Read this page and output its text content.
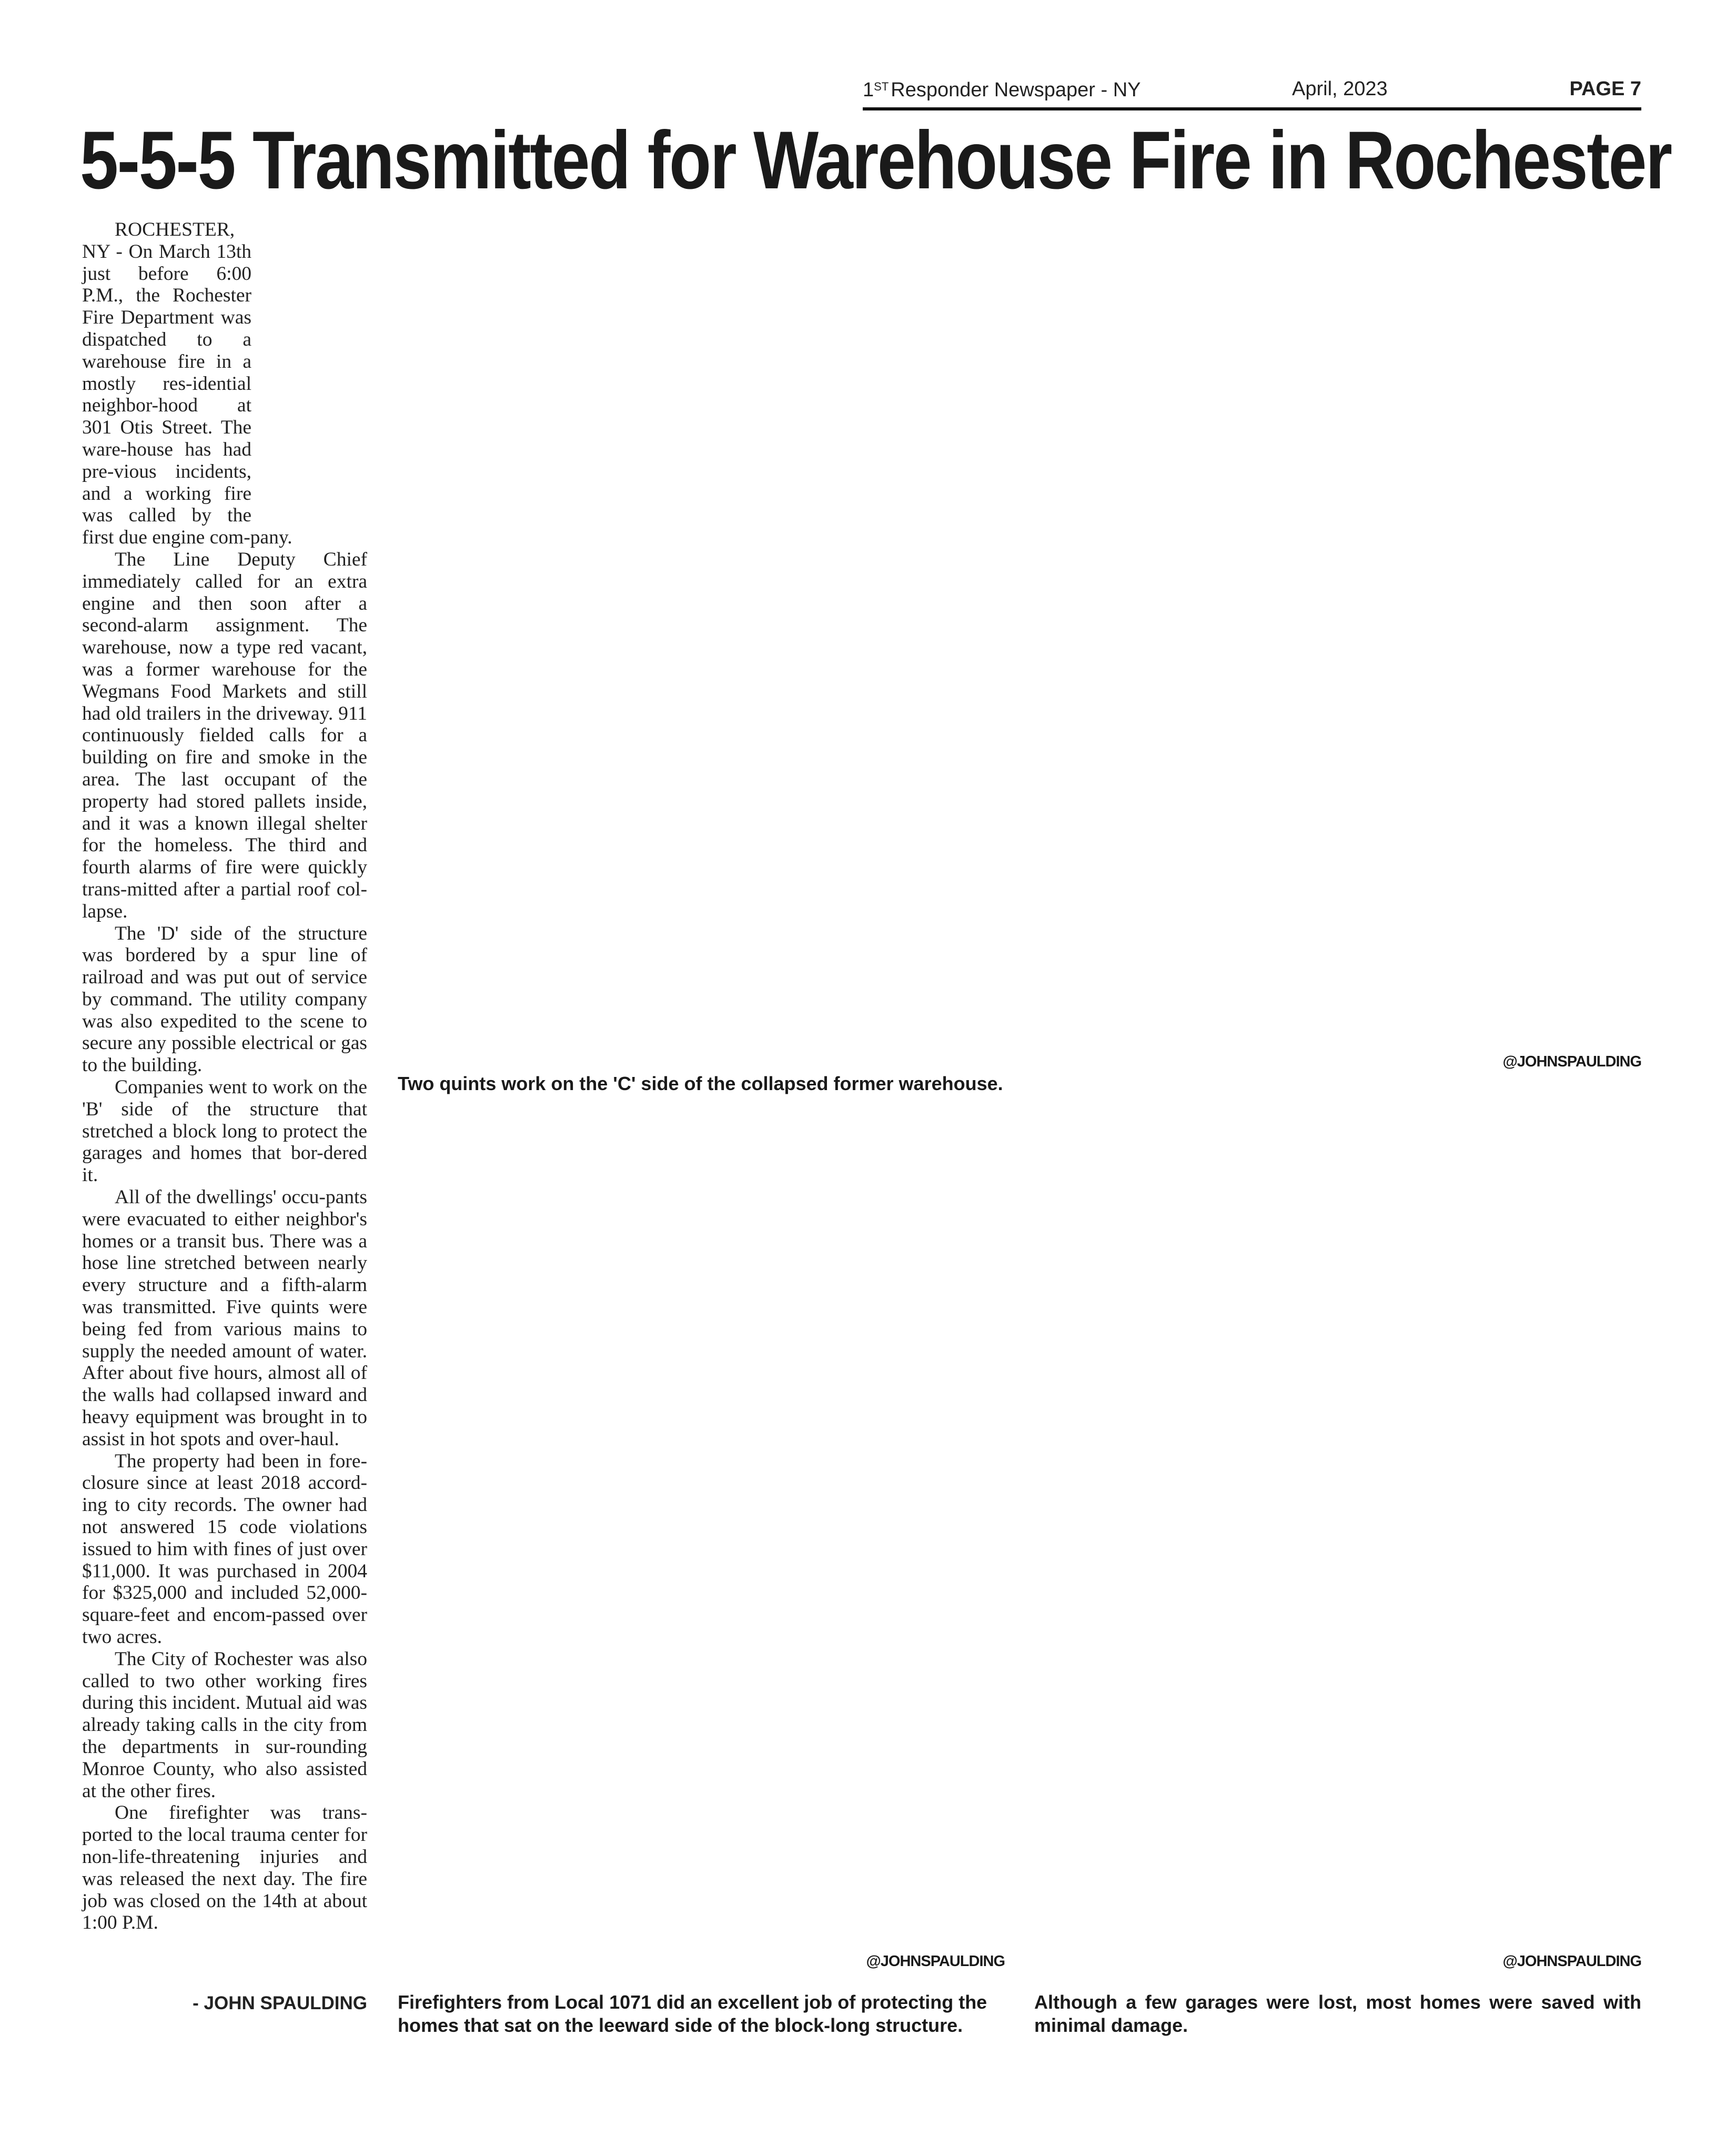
1ST Responder Newspaper - NY	April, 2023	PAGE 7
5-5-5 Transmitted for Warehouse Fire in Rochester

ROCHESTER, NY - On March 13th just before 6:00 P.M., the Rochester Fire Department was dispatched to a warehouse fire in a mostly res-idential neighbor-hood at 301 Otis Street. The ware-house has had pre-vious incidents, and a working fire was called by the first due engine com-pany.

The Line Deputy Chief immediately called for an extra engine and then soon after a second-alarm assignment. The warehouse, now a type red vacant, was a former warehouse for the Wegmans Food Markets and still had old trailers in the driveway. 911 continuously fielded calls for a building on fire and smoke in the area. The last occupant of the property had stored pallets inside, and it was a known illegal shelter for the homeless. The third and fourth alarms of fire were quickly trans-mitted after a partial roof col-lapse.

The 'D' side of the structure was bordered by a spur line of railroad and was put out of service by command. The utility company was also expedited to the scene to secure any possible electrical or gas to the building.

Companies went to work on the 'B' side of the structure that stretched a block long to protect the garages and homes that bor-dered it.

All of the dwellings' occu-pants were evacuated to either neighbor's homes or a transit bus. There was a hose line stretched between nearly every structure and a fifth-alarm was transmitted. Five quints were being fed from various mains to supply the needed amount of water. After about five hours, almost all of the walls had collapsed inward and heavy equipment was brought in to assist in hot spots and over-haul.

The property had been in fore-closure since at least 2018 accord-ing to city records. The owner had not answered 15 code violations issued to him with fines of just over $11,000. It was purchased in 2004 for $325,000 and included 52,000-square-feet and encom-passed over two acres.

The City of Rochester was also called to two other working fires during this incident. Mutual aid was already taking calls in the city from the departments in sur-rounding Monroe County, who also assisted at the other fires.

One firefighter was trans-ported to the local trauma center for non-life-threatening injuries and was released the next day. The fire job was closed on the 14th at about 1:00 P.M.

- JOHN SPAULDING
@JOHNSPAULDING
Two quints work on the 'C' side of the collapsed former warehouse.
@JOHNSPAULDING
Firefighters from Local 1071 did an excellent job of protecting the homes that sat on the leeward side of the block-long structure.
@JOHNSPAULDING
Although a few garages were lost, most homes were saved with minimal damage.
